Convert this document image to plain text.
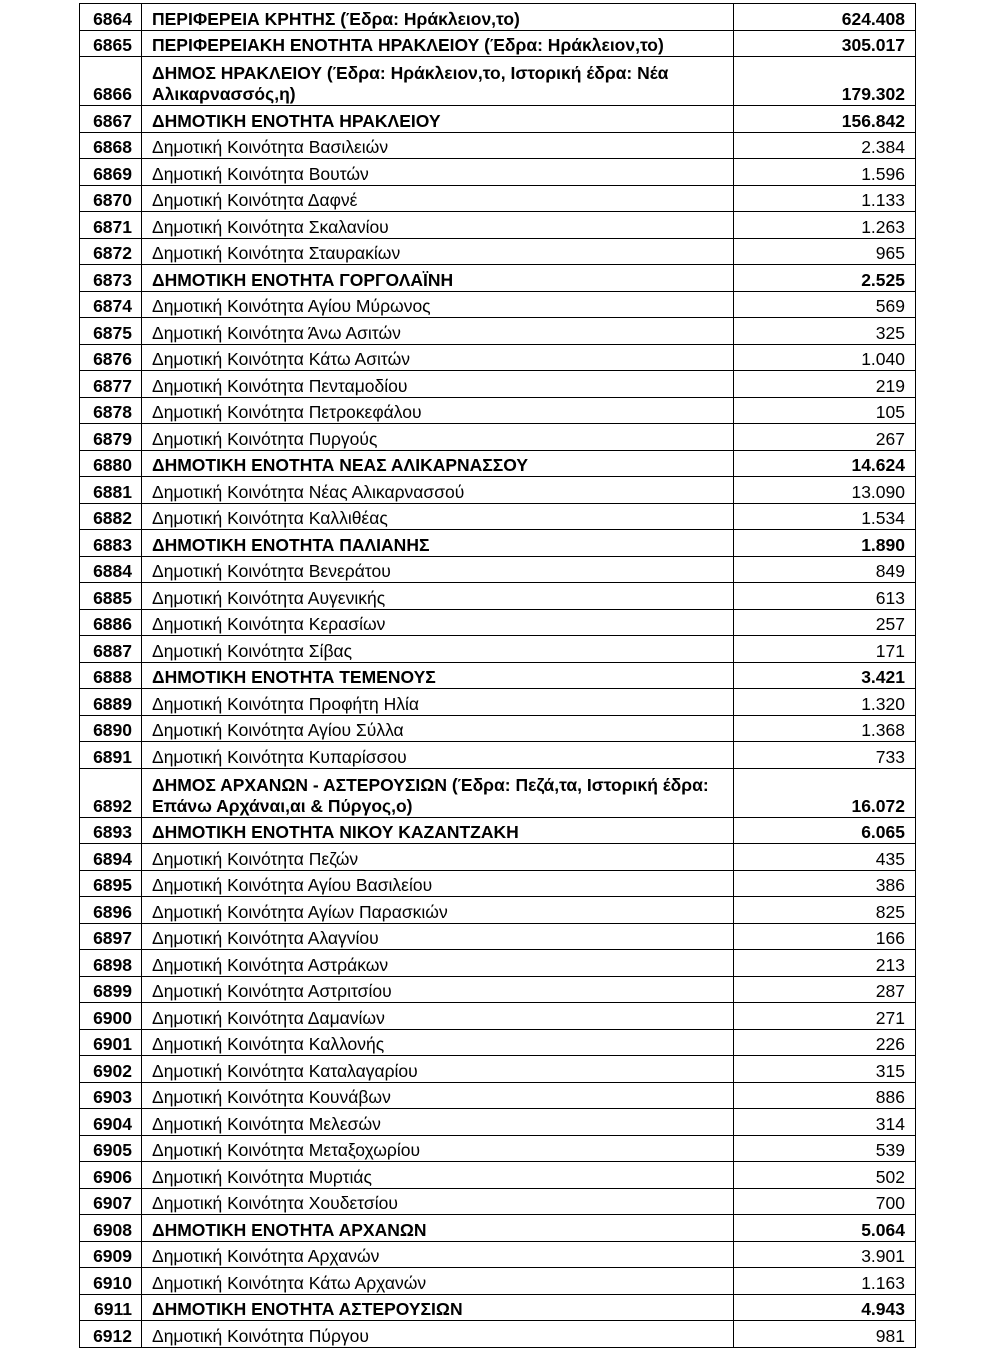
6864	ΠΕΡΙΦΕΡΕΙΑ ΚΡΗΤΗΣ (Έδρα: Ηράκλειον,το)	624.408
6865	ΠΕΡΙΦΕΡΕΙΑΚΗ ΕΝΟΤΗΤΑ ΗΡΑΚΛΕΙΟΥ (Έδρα: Ηράκλειον,το)	305.017
6866	ΔΗΜΟΣ ΗΡΑΚΛΕΙΟΥ (Έδρα: Ηράκλειον,το, Ιστορική έδρα: Νέα Αλικαρνασσός,η)	179.302
6867	ΔΗΜΟΤΙΚΗ ΕΝΟΤΗΤΑ ΗΡΑΚΛΕΙΟΥ	156.842
6868	Δημοτική Κοινότητα Βασιλειών	2.384
6869	Δημοτική Κοινότητα Βουτών	1.596
6870	Δημοτική Κοινότητα Δαφνέ	1.133
6871	Δημοτική Κοινότητα Σκαλανίου	1.263
6872	Δημοτική Κοινότητα Σταυρακίων	965
6873	ΔΗΜΟΤΙΚΗ ΕΝΟΤΗΤΑ ΓΟΡΓΟΛΑΪΝΗ	2.525
6874	Δημοτική Κοινότητα Αγίου Μύρωνος	569
6875	Δημοτική Κοινότητα Άνω Ασιτών	325
6876	Δημοτική Κοινότητα Κάτω Ασιτών	1.040
6877	Δημοτική Κοινότητα Πενταμοδίου	219
6878	Δημοτική Κοινότητα Πετροκεφάλου	105
6879	Δημοτική Κοινότητα Πυργούς	267
6880	ΔΗΜΟΤΙΚΗ ΕΝΟΤΗΤΑ ΝΕΑΣ ΑΛΙΚΑΡΝΑΣΣΟΥ	14.624
6881	Δημοτική Κοινότητα Νέας Αλικαρνασσού	13.090
6882	Δημοτική Κοινότητα Καλλιθέας	1.534
6883	ΔΗΜΟΤΙΚΗ ΕΝΟΤΗΤΑ ΠΑΛΙΑΝΗΣ	1.890
6884	Δημοτική Κοινότητα Βενεράτου	849
6885	Δημοτική Κοινότητα Αυγενικής	613
6886	Δημοτική Κοινότητα Κερασίων	257
6887	Δημοτική Κοινότητα Σίβας	171
6888	ΔΗΜΟΤΙΚΗ ΕΝΟΤΗΤΑ ΤΕΜΕΝΟΥΣ	3.421
6889	Δημοτική Κοινότητα Προφήτη Ηλία	1.320
6890	Δημοτική Κοινότητα Αγίου Σύλλα	1.368
6891	Δημοτική Κοινότητα Κυπαρίσσου	733
6892	ΔΗΜΟΣ ΑΡΧΑΝΩΝ - ΑΣΤΕΡΟΥΣΙΩΝ (Έδρα: Πεζά,τα, Ιστορική έδρα: Επάνω Αρχάναι,αι & Πύργος,ο)	16.072
6893	ΔΗΜΟΤΙΚΗ ΕΝΟΤΗΤΑ ΝΙΚΟΥ ΚΑΖΑΝΤΖΑΚΗ	6.065
6894	Δημοτική Κοινότητα Πεζών	435
6895	Δημοτική Κοινότητα Αγίου Βασιλείου	386
6896	Δημοτική Κοινότητα Αγίων Παρασκιών	825
6897	Δημοτική Κοινότητα Αλαγνίου	166
6898	Δημοτική Κοινότητα Αστράκων	213
6899	Δημοτική Κοινότητα Αστριτσίου	287
6900	Δημοτική Κοινότητα Δαμανίων	271
6901	Δημοτική Κοινότητα Καλλονής	226
6902	Δημοτική Κοινότητα Καταλαγαρίου	315
6903	Δημοτική Κοινότητα Κουνάβων	886
6904	Δημοτική Κοινότητα Μελεσών	314
6905	Δημοτική Κοινότητα Μεταξοχωρίου	539
6906	Δημοτική Κοινότητα Μυρτιάς	502
6907	Δημοτική Κοινότητα Χουδετσίου	700
6908	ΔΗΜΟΤΙΚΗ ΕΝΟΤΗΤΑ ΑΡΧΑΝΩΝ	5.064
6909	Δημοτική Κοινότητα Αρχανών	3.901
6910	Δημοτική Κοινότητα Κάτω Αρχανών	1.163
6911	ΔΗΜΟΤΙΚΗ ΕΝΟΤΗΤΑ ΑΣΤΕΡΟΥΣΙΩΝ	4.943
6912	Δημοτική Κοινότητα Πύργου	981
